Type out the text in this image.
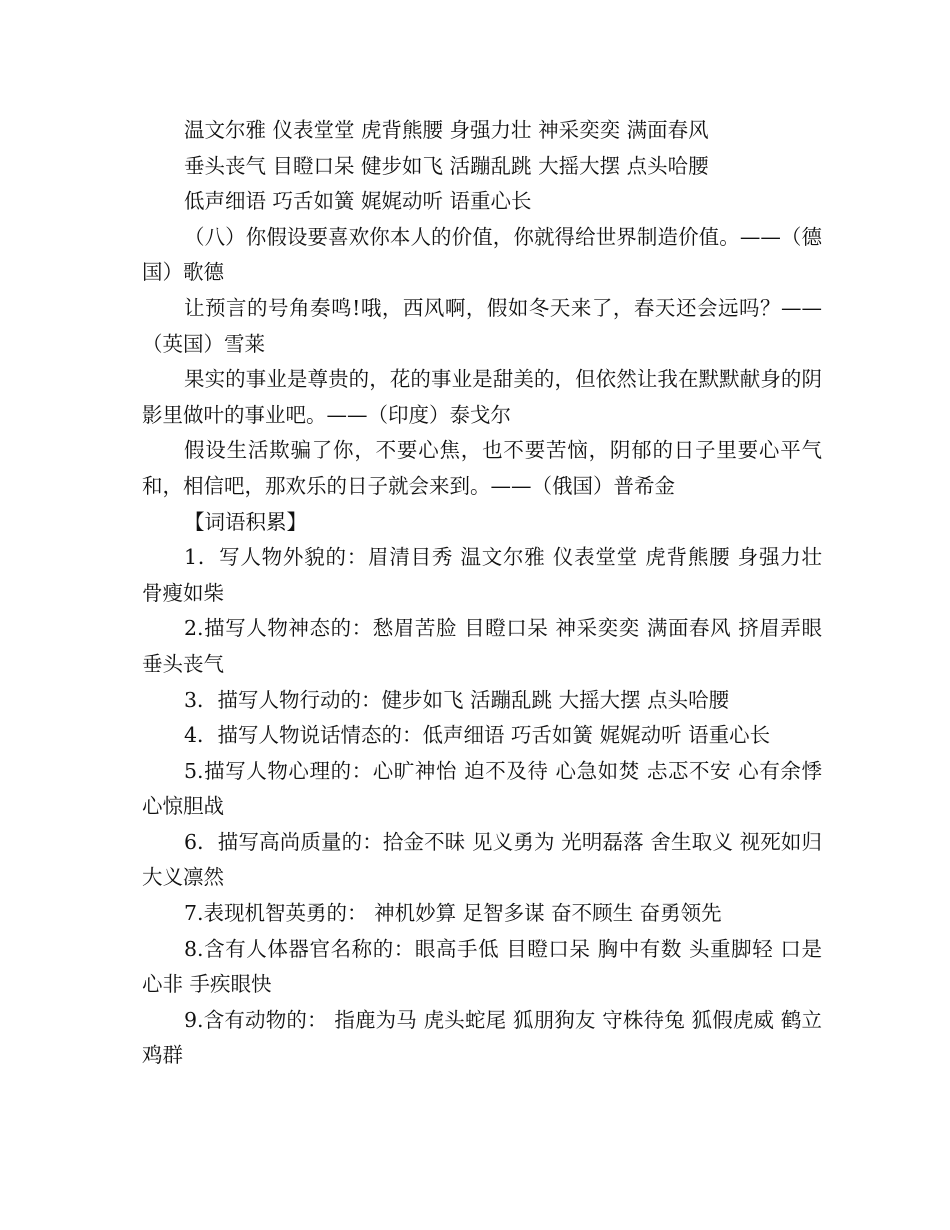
温文尔雅 仪表堂堂 虎背熊腰 身强力壮 神采奕奕 满面春风

垂头丧气 目瞪口呆 健步如飞 活蹦乱跳 大摇大摆 点头哈腰

低声细语 巧舌如簧 娓娓动听 语重心长

（八）你假设要喜欢你本人的价值，你就得给世界制造价值。——（德国）歌德

让预言的号角奏鸣!哦，西风啊，假如冬天来了，春天还会远吗？——（英国）雪莱

果实的事业是尊贵的，花的事业是甜美的，但依然让我在默默献身的阴影里做叶的事业吧。——（印度）泰戈尔

假设生活欺骗了你，不要心焦，也不要苦恼，阴郁的日子里要心平气和，相信吧，那欢乐的日子就会来到。——（俄国）普希金

【词语积累】

1．写人物外貌的：眉清目秀 温文尔雅 仪表堂堂 虎背熊腰 身强力壮 骨瘦如柴

2.描写人物神态的：愁眉苦脸 目瞪口呆 神采奕奕 满面春风 挤眉弄眼 垂头丧气

3．描写人物行动的：健步如飞 活蹦乱跳 大摇大摆 点头哈腰

4．描写人物说话情态的：低声细语 巧舌如簧 娓娓动听 语重心长

5.描写人物心理的：心旷神怡 迫不及待 心急如焚 忐忑不安 心有余悸 心惊胆战

6．描写高尚质量的：拾金不昧 见义勇为 光明磊落 舍生取义 视死如归 大义凛然

7.表现机智英勇的： 神机妙算 足智多谋 奋不顾生 奋勇领先

8.含有人体器官名称的：眼高手低 目瞪口呆 胸中有数 头重脚轻 口是心非 手疾眼快

9.含有动物的： 指鹿为马 虎头蛇尾 狐朋狗友 守株待兔 狐假虎威 鹤立鸡群
